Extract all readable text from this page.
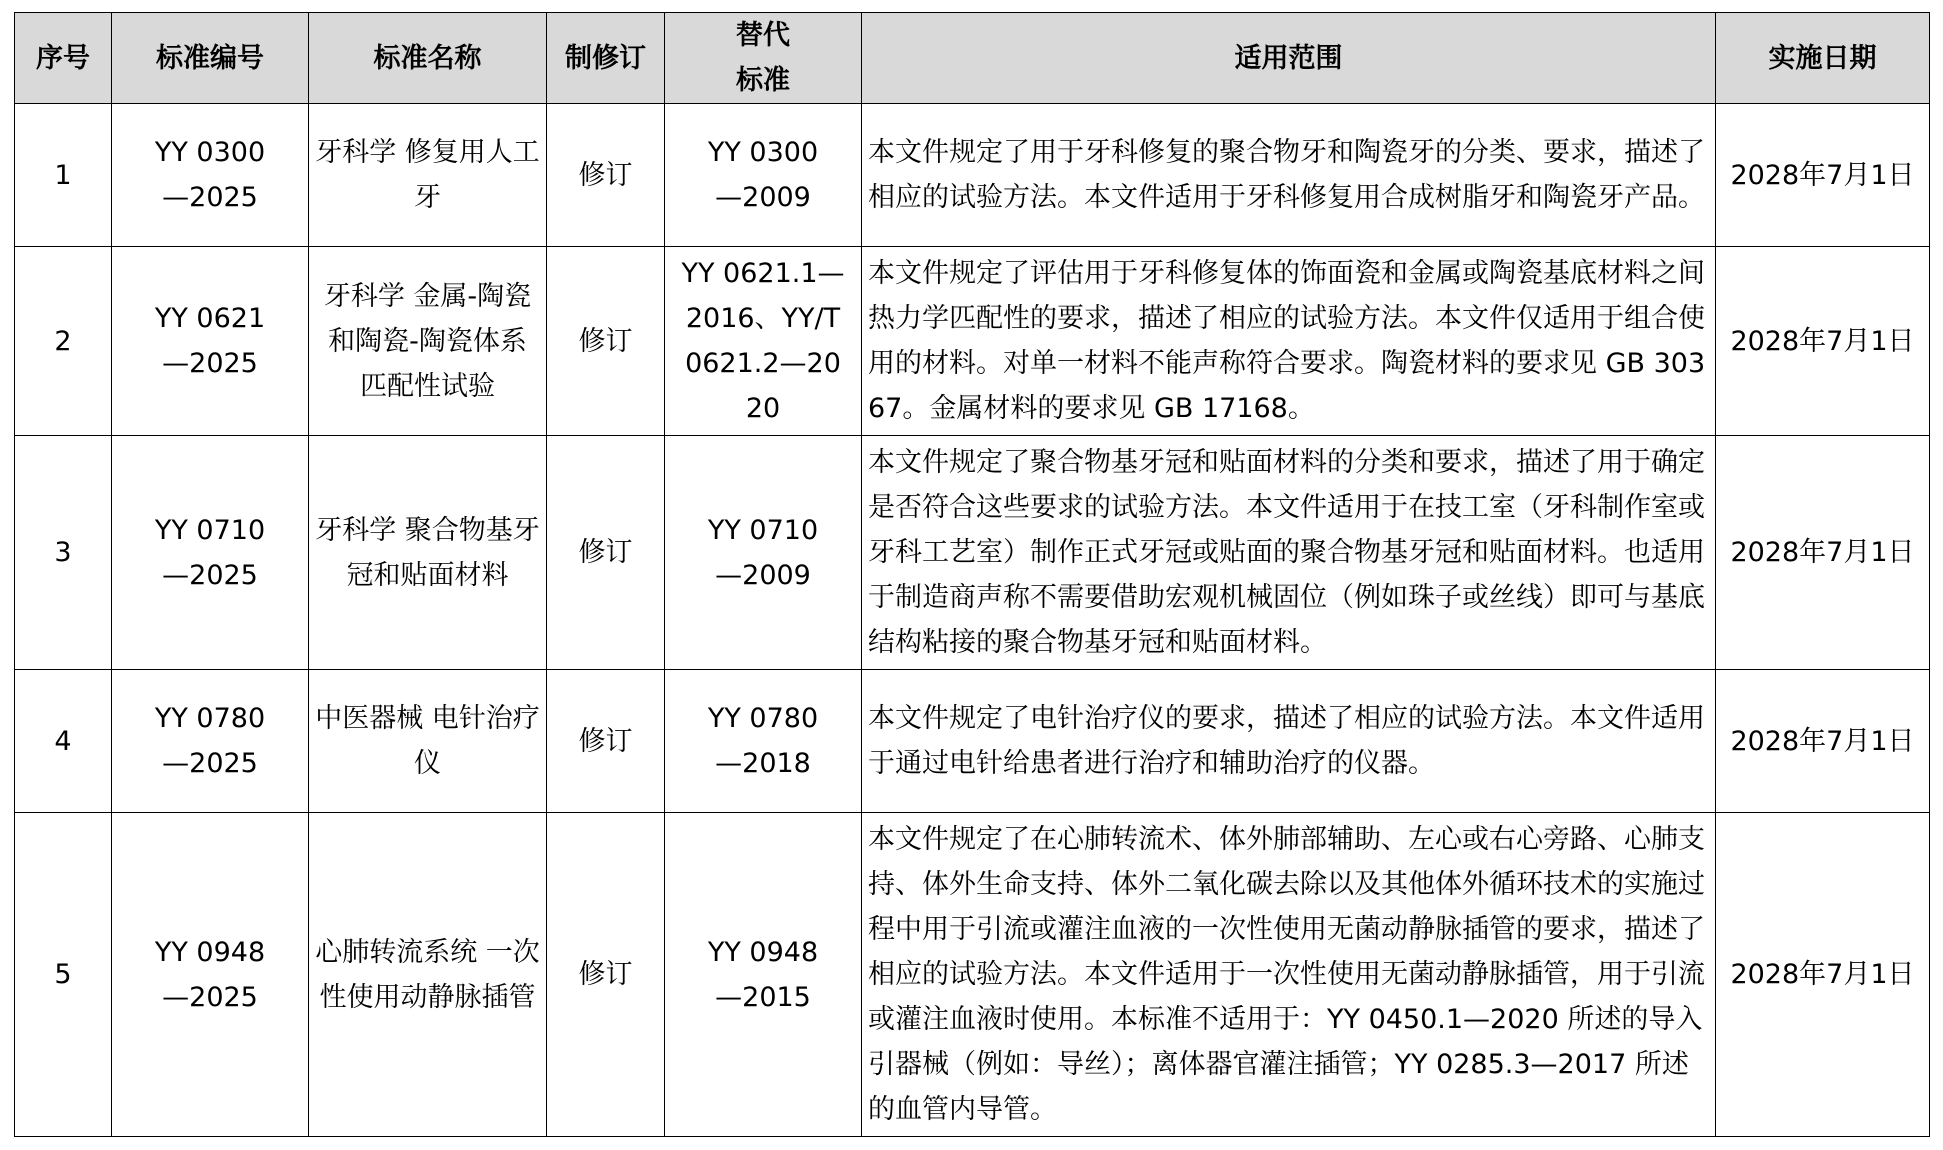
序号	标准编号	标准名称	制修订	替代标准	适用范围	实施日期
1	YY 0300—2025	牙科学 修复用人工牙	修订	YY 0300—2009	本文件规定了用于牙科修复的聚合物牙和陶瓷牙的分类、要求，描述了相应的试验方法。本文件适用于牙科修复用合成树脂牙和陶瓷牙产品。	2028年7月1日
2	YY 0621—2025	牙科学 金属-陶瓷和陶瓷-陶瓷体系匹配性试验	修订	YY 0621.1—2016、YY/T 0621.2—2020	本文件规定了评估用于牙科修复体的饰面瓷和金属或陶瓷基底材料之间热力学匹配性的要求，描述了相应的试验方法。本文件仅适用于组合使用的材料。对单一材料不能声称符合要求。陶瓷材料的要求见 GB 30367。金属材料的要求见 GB 17168。	2028年7月1日
3	YY 0710—2025	牙科学 聚合物基牙冠和贴面材料	修订	YY 0710—2009	本文件规定了聚合物基牙冠和贴面材料的分类和要求，描述了用于确定是否符合这些要求的试验方法。本文件适用于在技工室（牙科制作室或牙科工艺室）制作正式牙冠或贴面的聚合物基牙冠和贴面材料。也适用于制造商声称不需要借助宏观机械固位（例如珠子或丝线）即可与基底结构粘接的聚合物基牙冠和贴面材料。	2028年7月1日
4	YY 0780—2025	中医器械 电针治疗仪	修订	YY 0780—2018	本文件规定了电针治疗仪的要求，描述了相应的试验方法。本文件适用于通过电针给患者进行治疗和辅助治疗的仪器。	2028年7月1日
5	YY 0948—2025	心肺转流系统 一次性使用动静脉插管	修订	YY 0948—2015	本文件规定了在心肺转流术、体外肺部辅助、左心或右心旁路、心肺支持、体外生命支持、体外二氧化碳去除以及其他体外循环技术的实施过程中用于引流或灌注血液的一次性使用无菌动静脉插管的要求，描述了相应的试验方法。本文件适用于一次性使用无菌动静脉插管，用于引流或灌注血液时使用。本标准不适用于：YY 0450.1—2020 所述的导入引器械（例如：导丝）；离体器官灌注插管；YY 0285.3—2017 所述的血管内导管。	2028年7月1日
